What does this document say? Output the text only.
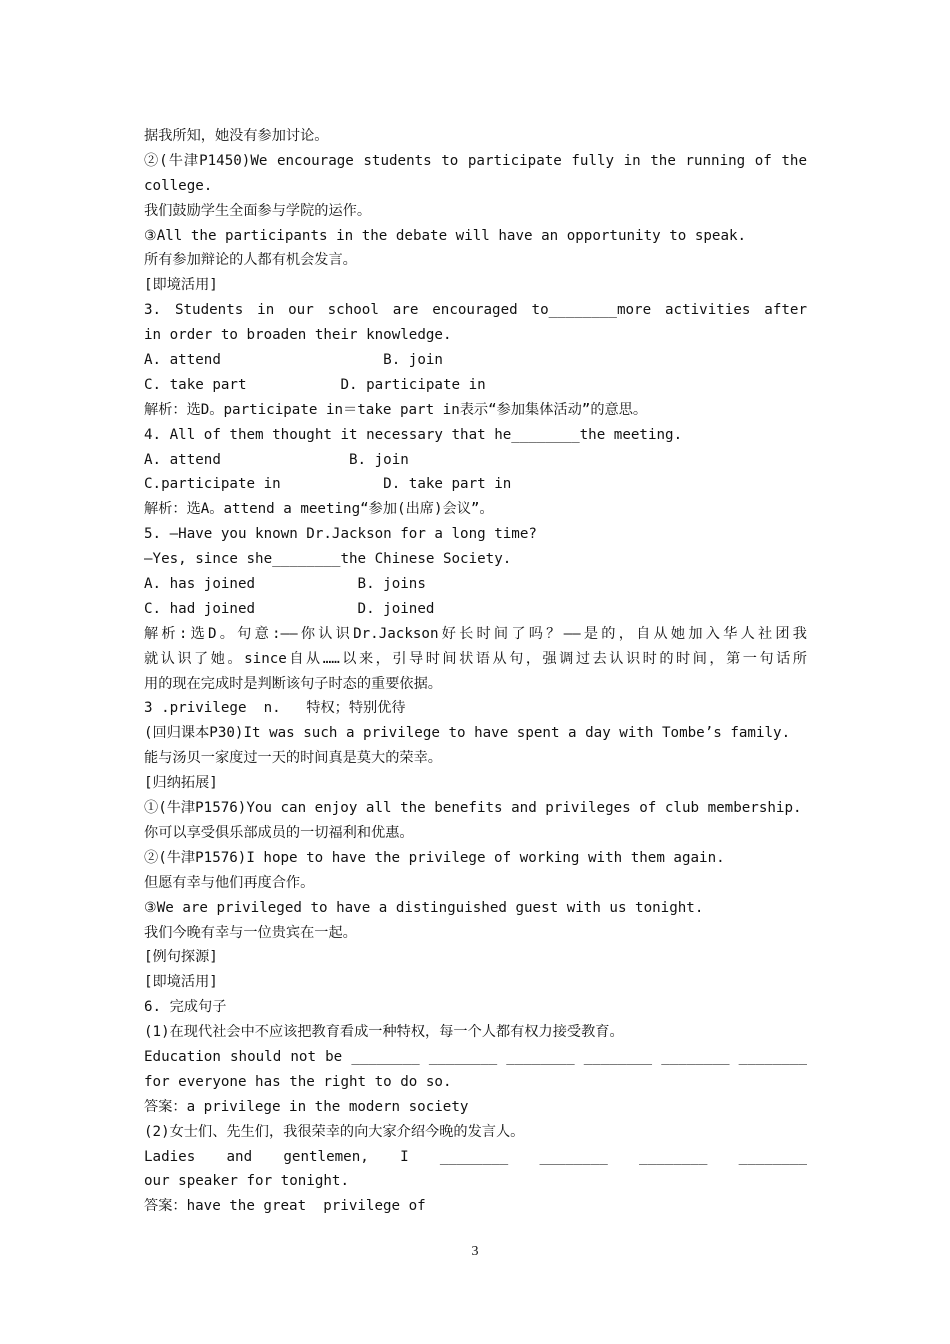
据我所知，她没有参加讨论。
②(牛津P1450)We encourage students to participate fully in the running of the
college.
我们鼓励学生全面参与学院的运作。
③All the participants in the debate will have an opportunity to speak.
所有参加辩论的人都有机会发言。
[即境活用]
3. Students in our school are encouraged to________more activities after
in order to broaden their knowledge.
A. attend                   B. join
C. take part           D. participate in
解析：选D。participate in＝take part in表示“参加集体活动”的意思。
4. All of them thought it necessary that he________the meeting.
A. attend               B. join
C.participate in            D. take part in
解析：选A。attend a meeting“参加(出席)会议”。
5. —Have you known Dr.Jackson for a long time?
—Yes, since she________the Chinese Society.
A. has joined            B. joins
C. had joined            D. joined
解析:选D。句意:——你认识Dr.Jackson好长时间了吗？——是的，自从她加入华人社团我
就认识了她。since自从……以来，引导时间状语从句，强调过去认识时的时间，第一句话所
用的现在完成时是判断该句子时态的重要依据。
3 .privilege  n.   特权；特别优待
(回归课本P30)It was such a privilege to have spent a day with Tombe’s family.
能与汤贝一家度过一天的时间真是莫大的荣幸。
[归纳拓展]
①(牛津P1576)You can enjoy all the benefits and privileges of club membership.
你可以享受俱乐部成员的一切福利和优惠。
②(牛津P1576)I hope to have the privilege of working with them again.
但愿有幸与他们再度合作。
③We are privileged to have a distinguished guest with us tonight.
我们今晚有幸与一位贵宾在一起。
[例句探源]
[即境活用]
6. 完成句子
(1)在现代社会中不应该把教育看成一种特权，每一个人都有权力接受教育。
Education should not be ________ ________ ________ ________ ________ ________
for everyone has the right to do so.
答案：a privilege in the modern society
(2)女士们、先生们，我很荣幸的向大家介绍今晚的发言人。
Ladies and gentlemen, I ________ ________ ________ ________
our speaker for tonight.
答案：have the great  privilege of
3
